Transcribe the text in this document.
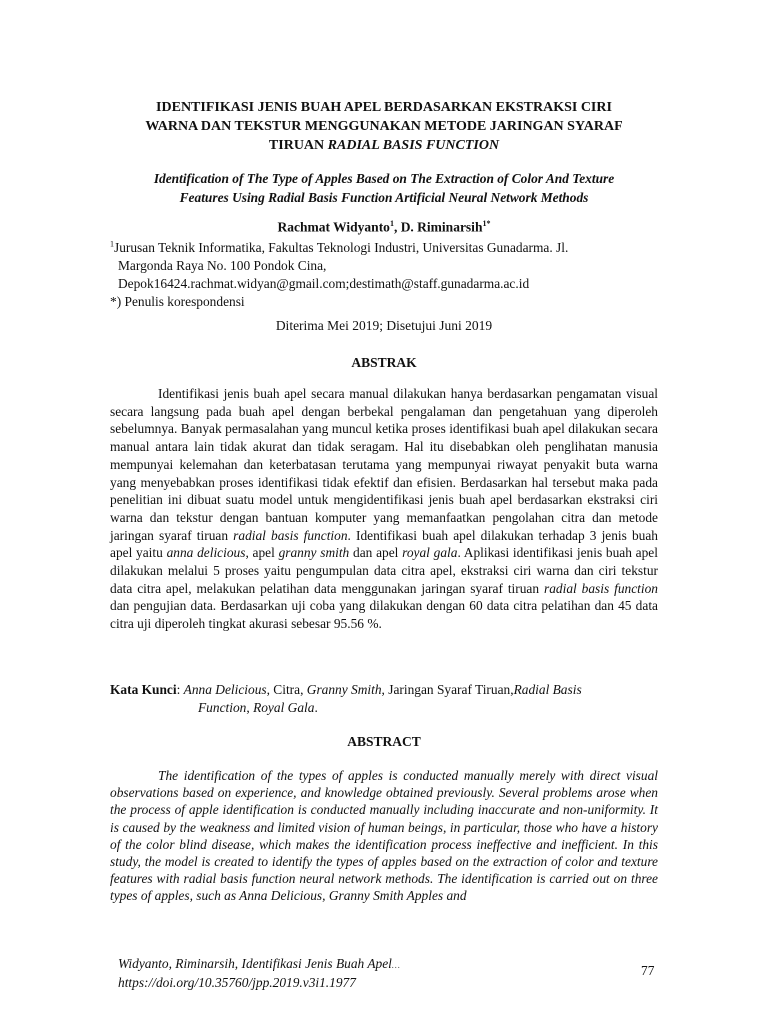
IDENTIFIKASI JENIS BUAH APEL BERDASARKAN EKSTRAKSI CIRI
WARNA DAN TEKSTUR MENGGUNAKAN METODE JARINGAN SYARAF
TIRUAN RADIAL BASIS FUNCTION
Identification of The Type of Apples Based on The Extraction of Color And Texture
Features Using Radial Basis Function Artificial Neural Network Methods
Rachmat Widyanto$^1$, D. Riminarsih$^{1*}$
$^1$Jurusan Teknik Informatika, Fakultas Teknologi Industri, Universitas Gunadarma. Jl.
Margonda Raya No. 100 Pondok Cina,
Depok16424.rachmat.widyan@gmail.com;destimath@staff.gunadarma.ac.id
*) Penulis korespondensi
Diterima Mei 2019; Disetujui Juni 2019
ABSTRAK

Identifikasi jenis buah apel secara manual dilakukan hanya berdasarkan pengamatan visual secara langsung pada buah apel dengan berbekal pengalaman dan pengetahuan yang diperoleh sebelumnya. Banyak permasalahan yang muncul ketika proses identifikasi buah apel dilakukan secara manual antara lain tidak akurat dan tidak seragam. Hal itu disebabkan oleh penglihatan manusia mempunyai kelemahan dan keterbatasan terutama yang mempunyai riwayat penyakit buta warna yang menyebabkan proses identifikasi tidak efektif dan efisien. Berdasarkan hal tersebut maka pada penelitian ini dibuat suatu model untuk mengidentifikasi jenis buah apel berdasarkan ekstraksi ciri warna dan tekstur dengan bantuan komputer yang memanfaatkan pengolahan citra dan metode jaringan syaraf tiruan radial basis function. Identifikasi buah apel dilakukan terhadap 3 jenis buah apel yaitu anna delicious, apel granny smith dan apel royal gala. Aplikasi identifikasi jenis buah apel dilakukan melalui 5 proses yaitu pengumpulan data citra apel, ekstraksi ciri warna dan ciri tekstur data citra apel, melakukan pelatihan data menggunakan jaringan syaraf tiruan radial basis function dan pengujian data. Berdasarkan uji coba yang dilakukan dengan 60 data citra pelatihan dan 45 data citra uji diperoleh tingkat akurasi sebesar 95.56 %.

Kata Kunci: Anna Delicious, Citra, Granny Smith, Jaringan Syaraf Tiruan,Radial Basis
Function, Royal Gala.

ABSTRACT

The identification of the types of apples is conducted manually merely with direct visual observations based on experience, and knowledge obtained previously. Several problems arose when the process of apple identification is conducted manually including inaccurate and non-uniformity. It is caused by the weakness and limited vision of human beings, in particular, those who have a history of the color blind disease, which makes the identification process ineffective and inefficient. In this study, the model is created to identify the types of apples based on the extraction of color and texture features with radial basis function neural network methods. The identification is carried out on three types of apples, such as Anna Delicious, Granny Smith Apples and

Widyanto, Riminarsih, Identifikasi Jenis Buah Apel…
https://doi.org/10.35760/jpp.2019.v3i1.1977
77
